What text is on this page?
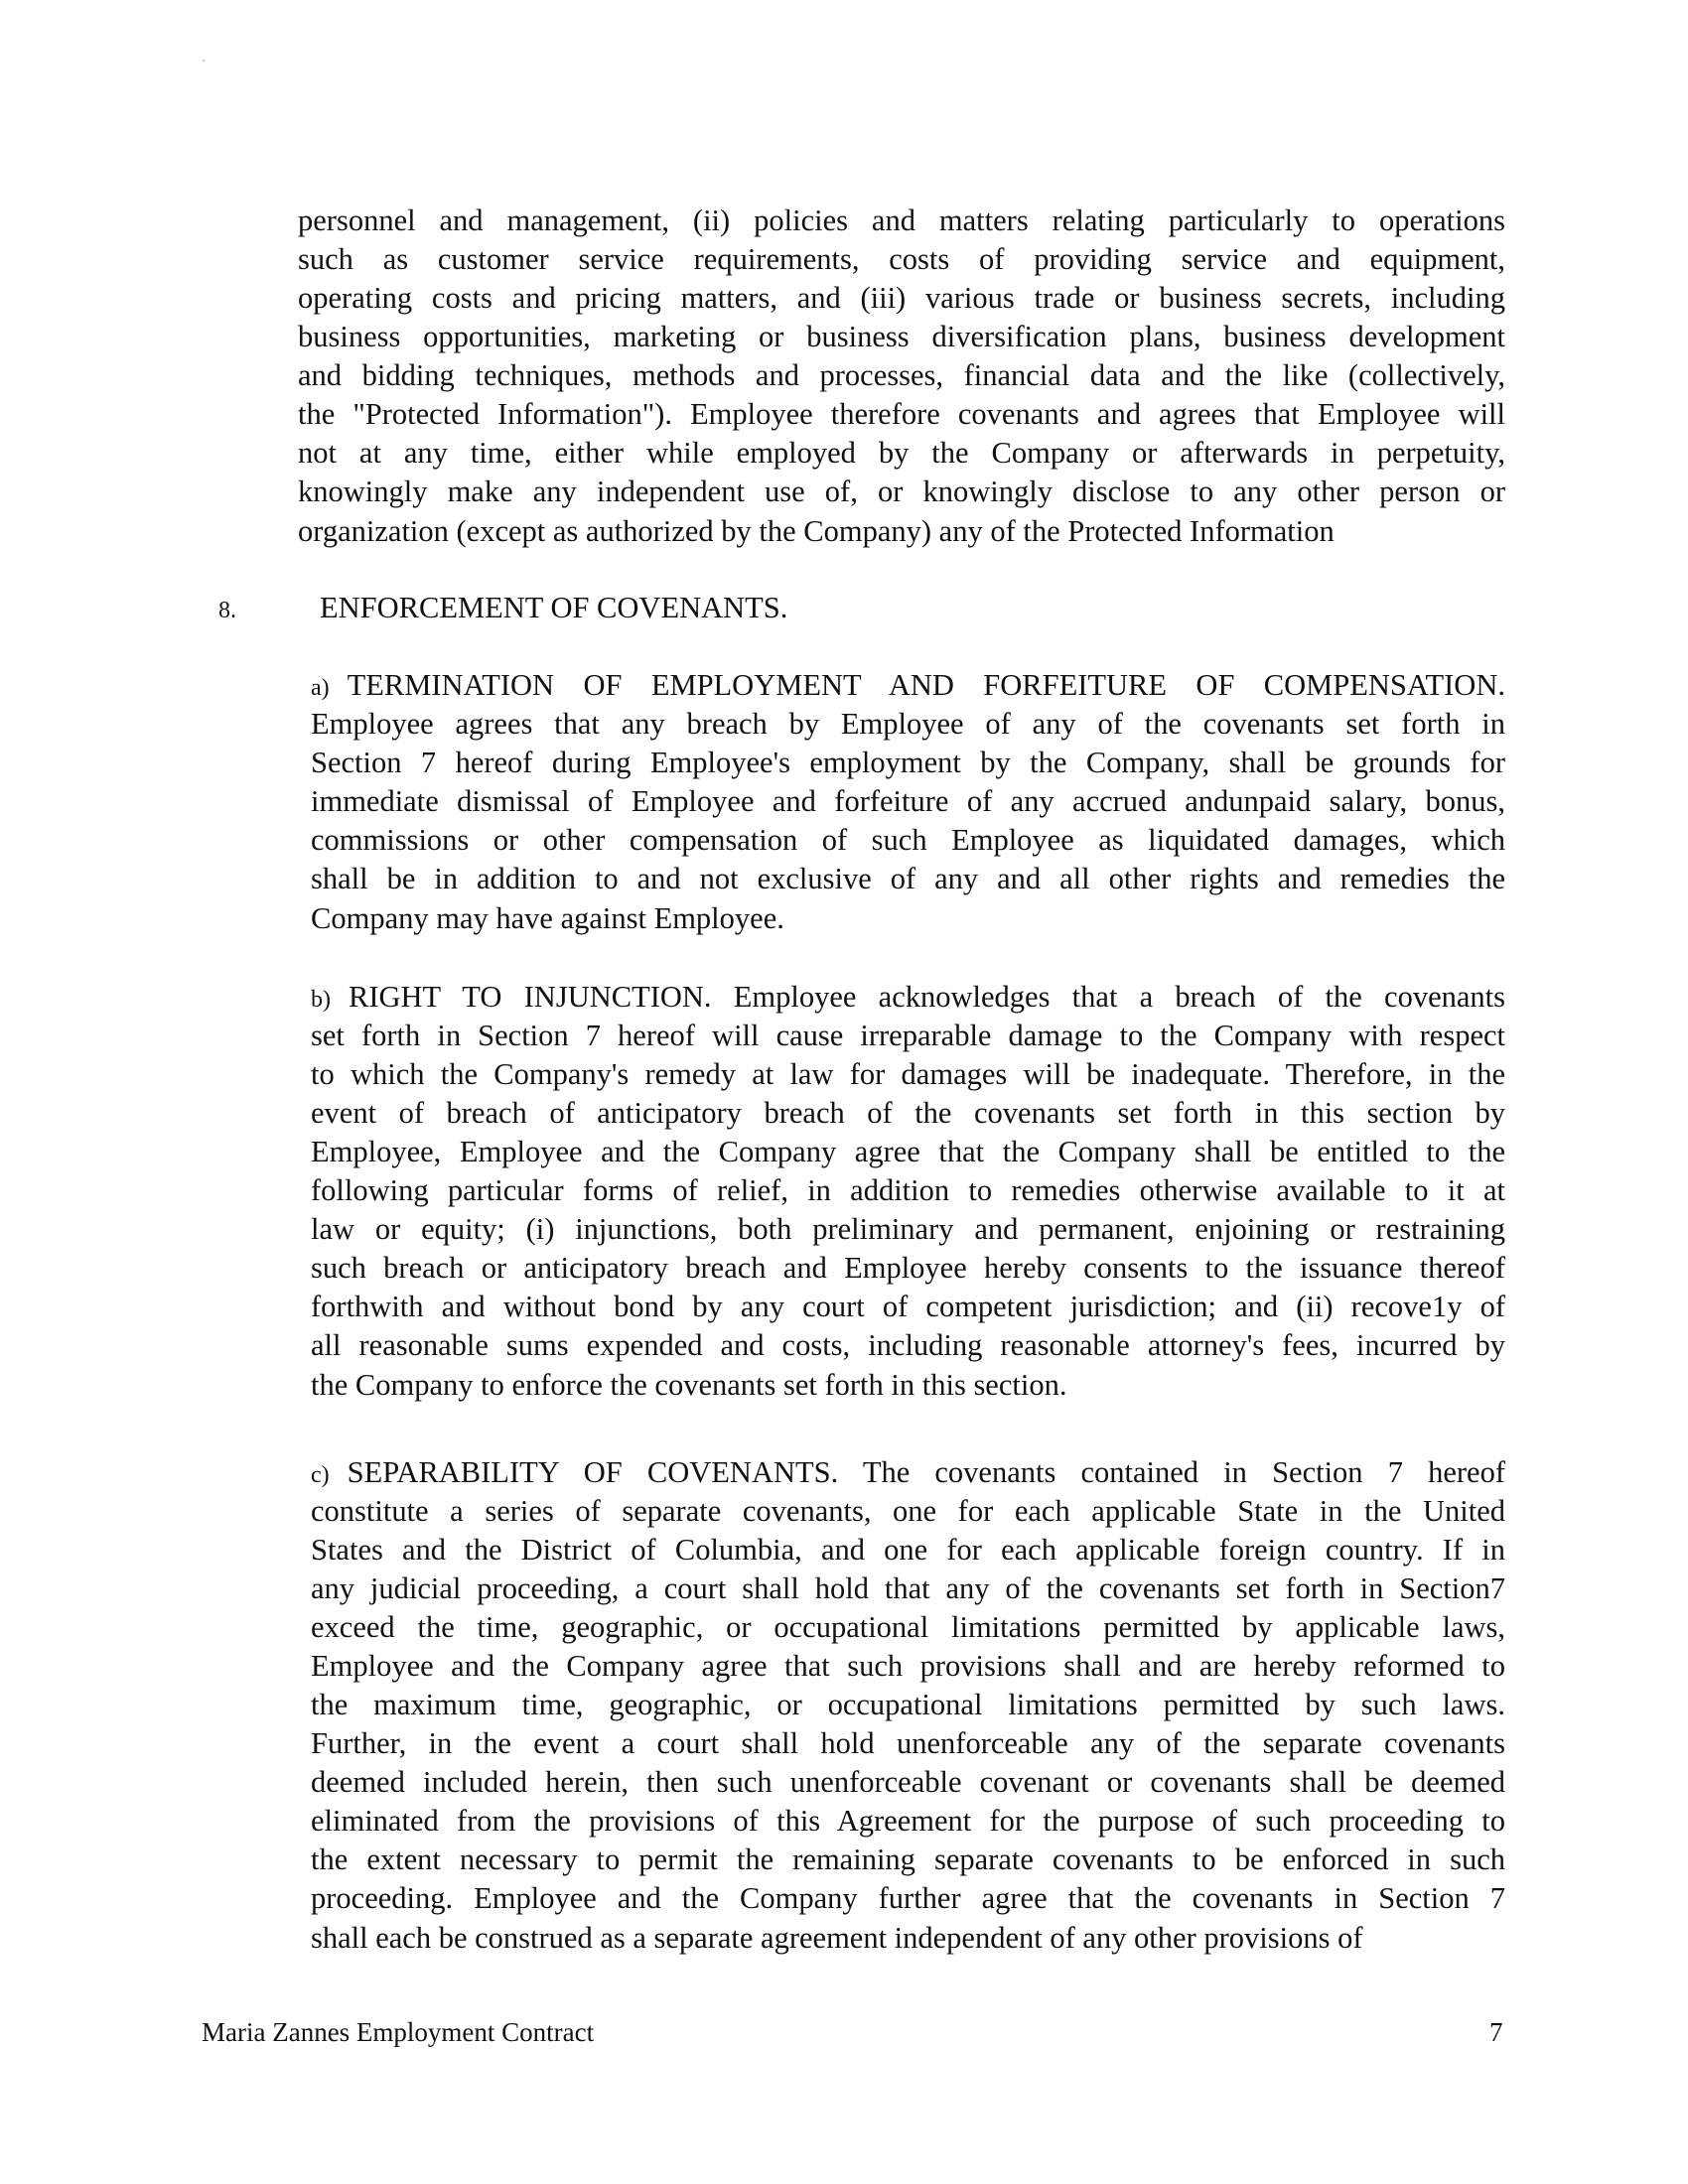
personnel and management, (ii) policies and matters relating particularly to operations
such as customer service requirements, costs of providing service and equipment,
operating costs and pricing matters, and (iii) various trade or business secrets, including
business opportunities, marketing or business diversification plans, business development
and bidding techniques, methods and processes, financial data and the like (collectively,
the "Protected Information"). Employee therefore covenants and agrees that Employee will
not at any time, either while employed by the Company or afterwards in perpetuity,
knowingly make any independent use of, or knowingly disclose to any other person or
organization (except as authorized by the Company) any of the Protected Information
8.	ENFORCEMENT OF COVENANTS.
a) TERMINATION OF EMPLOYMENT AND FORFEITURE OF COMPENSATION.
Employee agrees that any breach by Employee of any of the covenants set forth in
Section 7 hereof during Employee's employment by the Company, shall be grounds for
immediate dismissal of Employee and forfeiture of any accrued andunpaid salary, bonus,
commissions or other compensation of such Employee as liquidated damages, which
shall be in addition to and not exclusive of any and all other rights and remedies the
Company may have against Employee.
b) RIGHT TO INJUNCTION. Employee acknowledges that a breach of the covenants
set forth in Section 7 hereof will cause irreparable damage to the Company with respect
to which the Company's remedy at law for damages will be inadequate. Therefore, in the
event of breach of anticipatory breach of the covenants set forth in this section by
Employee, Employee and the Company agree that the Company shall be entitled to the
following particular forms of relief, in addition to remedies otherwise available to it at
law or equity; (i) injunctions, both preliminary and permanent, enjoining or restraining
such breach or anticipatory breach and Employee hereby consents to the issuance thereof
forthwith and without bond by any court of competent jurisdiction; and (ii) recove1y of
all reasonable sums expended and costs, including reasonable attorney's fees, incurred by
the Company to enforce the covenants set forth in this section.
c) SEPARABILITY OF COVENANTS. The covenants contained in Section 7 hereof
constitute a series of separate covenants, one for each applicable State in the United
States and the District of Columbia, and one for each applicable foreign country. If in
any judicial proceeding, a court shall hold that any of the covenants set forth in Section7
exceed the time, geographic, or occupational limitations permitted by applicable laws,
Employee and the Company agree that such provisions shall and are hereby reformed to
the maximum time, geographic, or occupational limitations permitted by such laws.
Further, in the event a court shall hold unenforceable any of the separate covenants
deemed included herein, then such unenforceable covenant or covenants shall be deemed
eliminated from the provisions of this Agreement for the purpose of such proceeding to
the extent necessary to permit the remaining separate covenants to be enforced in such
proceeding. Employee and the Company further agree that the covenants in Section 7
shall each be construed as a separate agreement independent of any other provisions of
Maria Zannes Employment Contract	7
